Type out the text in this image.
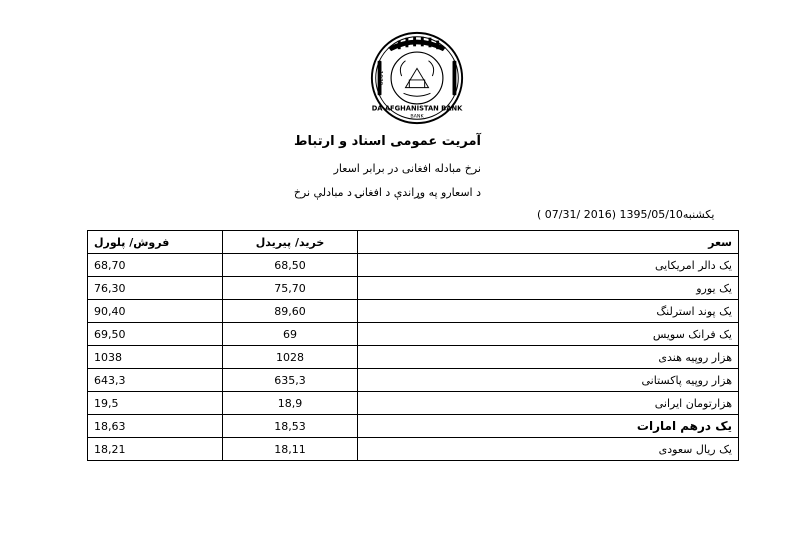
1939
DA AFGHANISTAN BANK
BANK
آمریت عمومی اسناد و ارتباط
نرخ مبادله افغانی در برابر اسعار
د اسعارو په وړاندې د افغانۍ د مبادلې نرخ
یکشنبه1395/05/10 (2016 /07/31 )
فروش/ پلورل	خرید/ پیریدل	سعر
68,70	68,50	یک دالر امریکایی
76,30	75,70	یک یورو
90,40	89,60	یک پوند استرلنگ
69,50	69	یک فرانک سویس
1038	1028	هزار روپیه هندی
643,3	635,3	هزار روپیه پاکستانی
19,5	18,9	هزارتومان ایرانی
18,63	18,53	یک درهم امارات
18,21	18,11	یک ریال سعودی
